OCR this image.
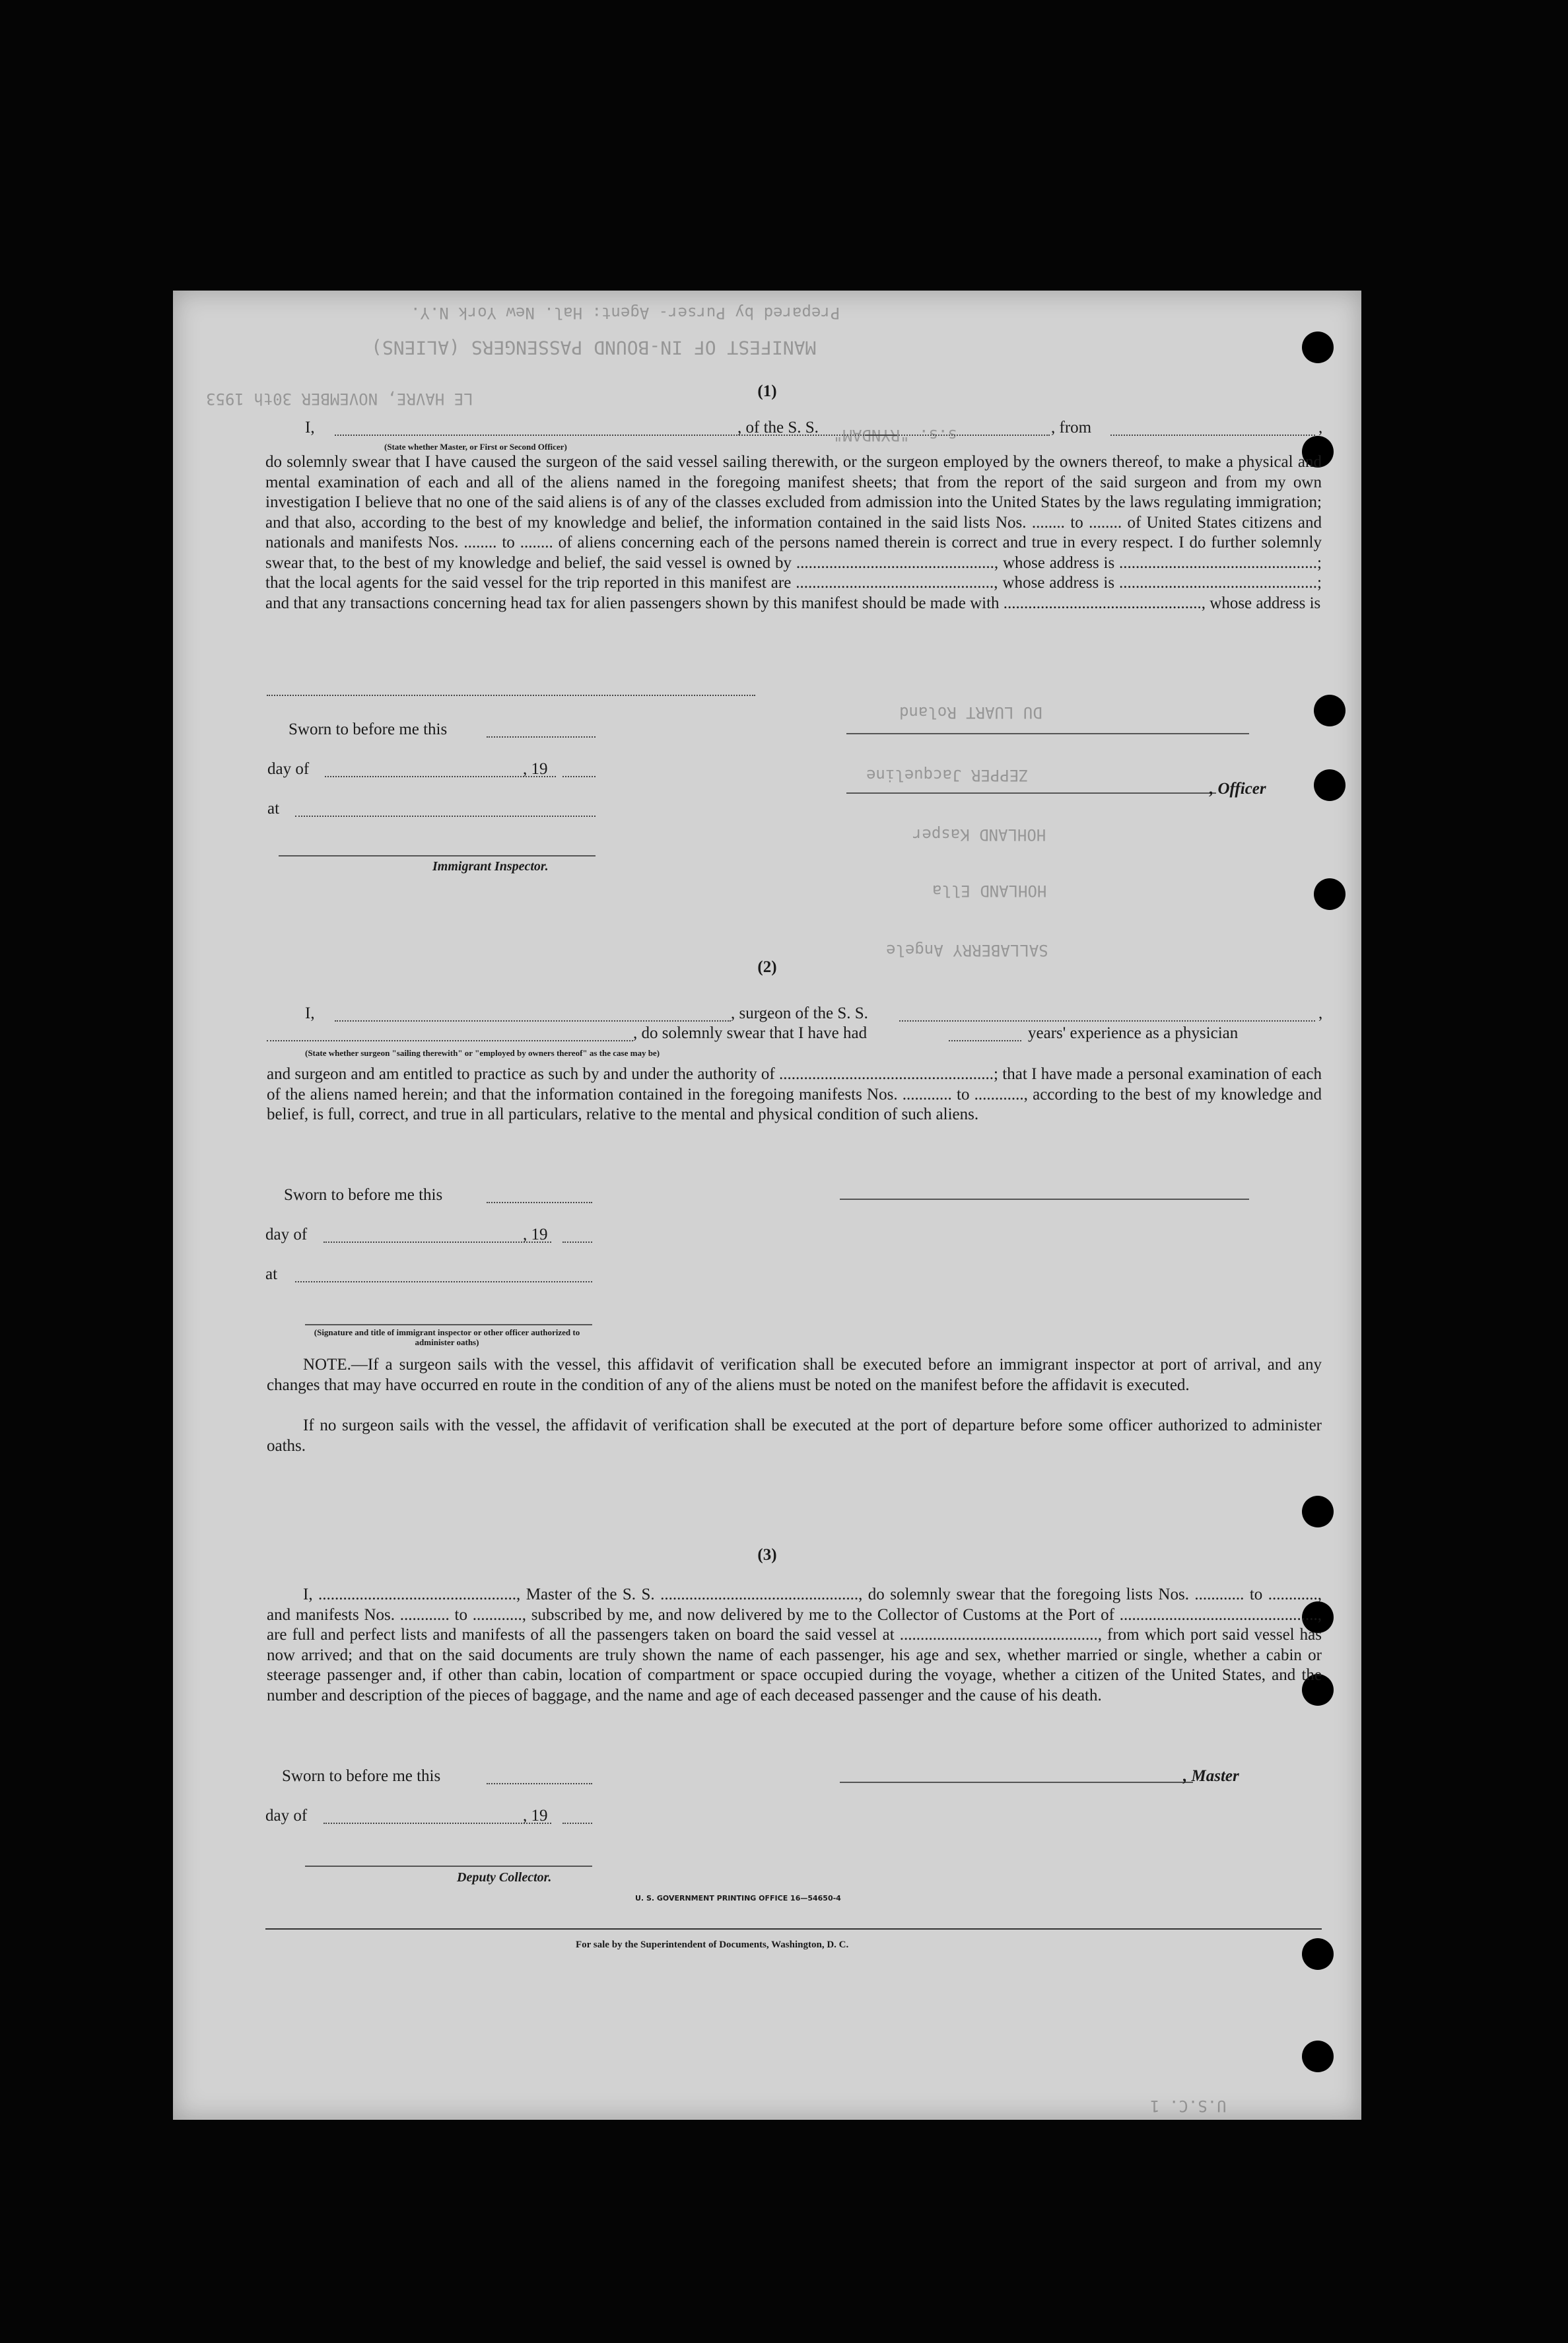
Prepared by Purser- Agent: Hal. New York N.Y.
MANIFEST OF IN-BOUND PASSENGERS (ALIENS)
LE HAVRE, NOVEMBER 30th 1953
s.s. "RYNDAM"
DU LUART Roland
ZEPPER Jacqueline
HOHLAND Kasper
HOHLAND Ella
SALLABERRY Angele
U.S.C. 1
(1)
I,	, of the S. S.	, from	,
(State whether Master, or First or Second Officer)
do solemnly swear that I have caused the surgeon of the said vessel sailing therewith, or the surgeon employed by the owners thereof, to make a physical and mental examination of each and all of the aliens named in the foregoing manifest sheets; that from the report of the said surgeon and from my own investigation I believe that no one of the said aliens is of any of the classes excluded from admission into the United States by the laws regulating immigration; and that also, according to the best of my knowledge and belief, the information contained in the said lists Nos. ........ to ........ of United States citizens and nationals and manifests Nos. ........ to ........ of aliens concerning each of the persons named therein is correct and true in every respect. I do further solemnly swear that, to the best of my knowledge and belief, the said vessel is owned by ................................................, whose address is ................................................; that the local agents for the said vessel for the trip reported in this manifest are ................................................, whose address is ................................................; and that any transactions concerning head tax for alien passengers shown by this manifest should be made with ................................................, whose address is
Sworn to before me this
day of	, 19
, Officer
at
Immigrant Inspector.
(2)
I,	, surgeon of the S. S.	,
, do solemnly swear that I have had	years' experience as a physician
(State whether surgeon "sailing therewith" or "employed by owners thereof" as the case may be)
and surgeon and am entitled to practice as such by and under the authority of ....................................................; that I have made a personal examination of each of the aliens named herein; and that the information contained in the foregoing manifests Nos. ............ to ............, according to the best of my knowledge and belief, is full, correct, and true in all particulars, relative to the mental and physical condition of such aliens.
Sworn to before me this
day of	, 19
at
(Signature and title of immigrant inspector or other officer authorized to administer oaths)
NOTE.—If a surgeon sails with the vessel, this affidavit of verification shall be executed before an immigrant inspector at port of arrival, and any changes that may have occurred en route in the condition of any of the aliens must be noted on the manifest before the affidavit is executed.
If no surgeon sails with the vessel, the affidavit of verification shall be executed at the port of departure before some officer authorized to administer oaths.
(3)
I, ................................................, Master of the S. S. ................................................, do solemnly swear that the foregoing lists Nos. ............ to ............, and manifests Nos. ............ to ............, subscribed by me, and now delivered by me to the Collector of Customs at the Port of ................................................, are full and perfect lists and manifests of all the passengers taken on board the said vessel at ................................................, from which port said vessel has now arrived; and that on the said documents are truly shown the name of each passenger, his age and sex, whether married or single, whether a cabin or steerage passenger and, if other than cabin, location of compartment or space occupied during the voyage, whether a citizen of the United States, and the number and description of the pieces of baggage, and the name and age of each deceased passenger and the cause of his death.
Sworn to before me this	, Master
day of	, 19
Deputy Collector.
U. S. GOVERNMENT PRINTING OFFICE 16—54650-4
For sale by the Superintendent of Documents, Washington, D. C.
